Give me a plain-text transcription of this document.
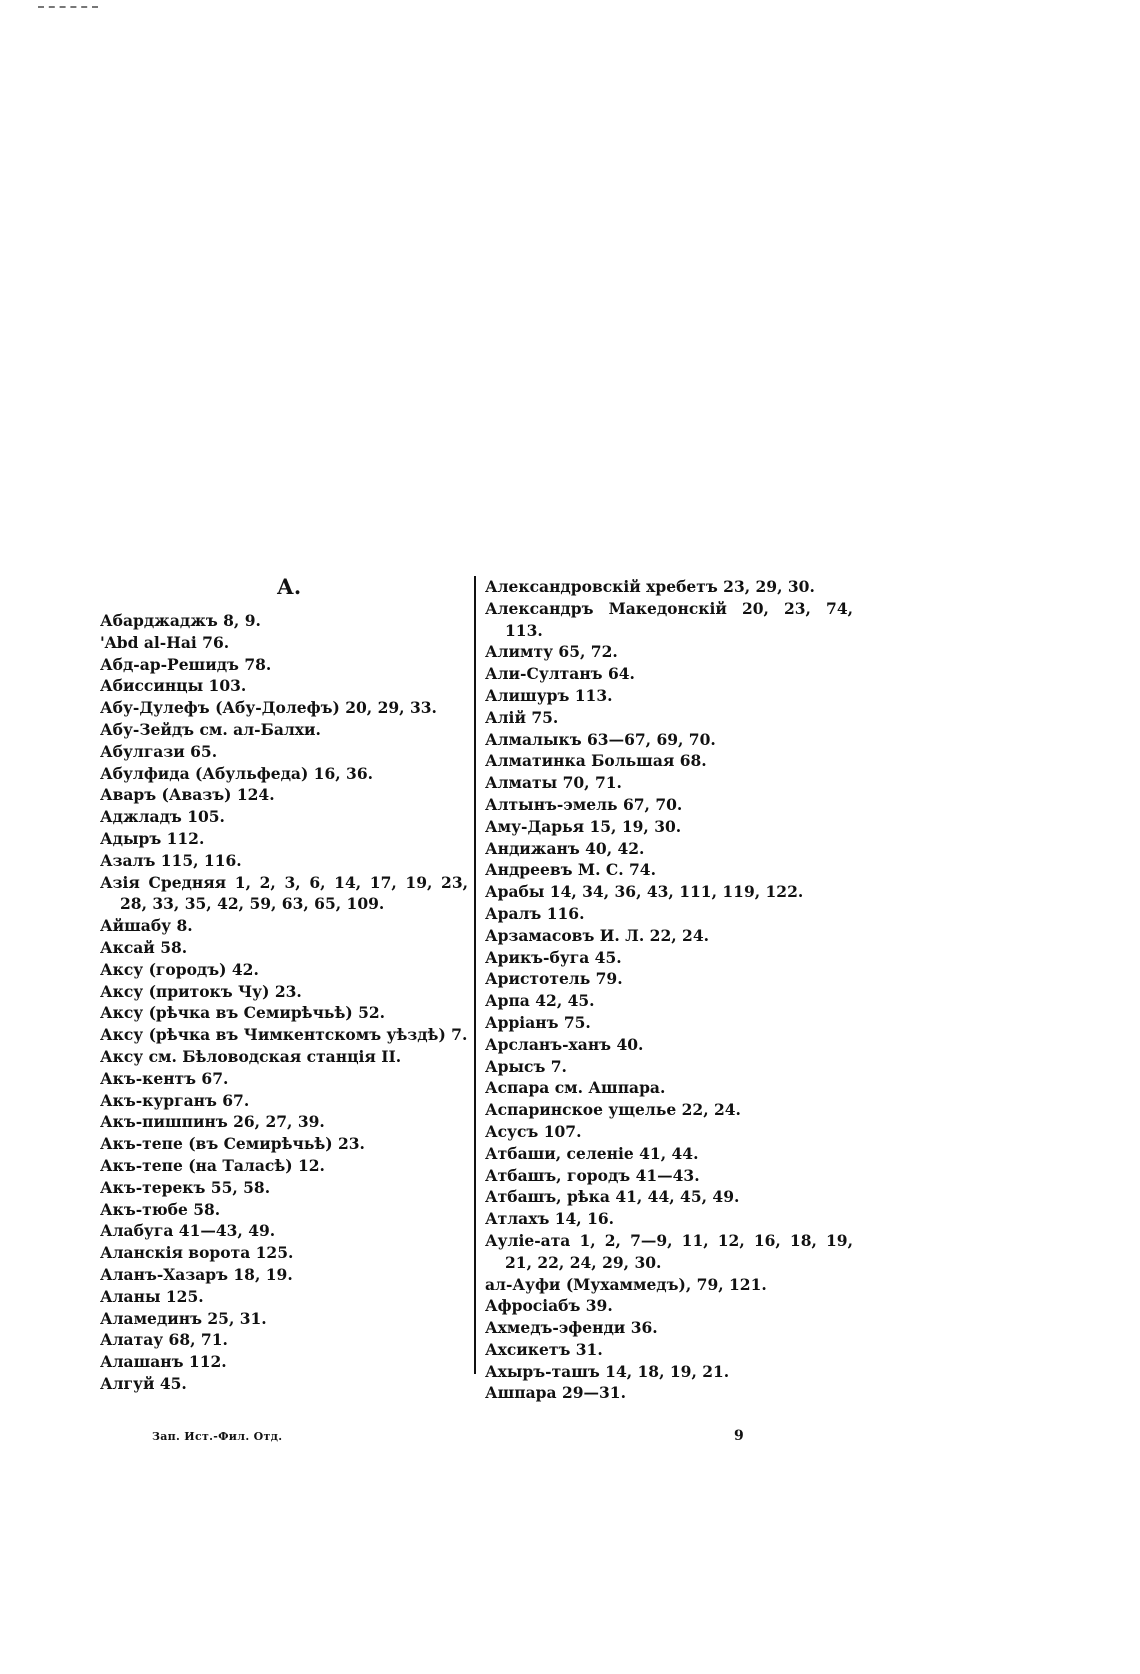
А.
Абарджаджъ 8, 9.
'Abd al-Hai 76.
Абд-ар-Решидъ 78.
Абиссинцы 103.
Абу-Дулефъ (Абу-Долефъ) 20, 29, 33.
Абу-Зейдъ см. ал-Балхи.
Абулгази 65.
Абулфида (Абульфеда) 16, 36.
Аваръ (Авазъ) 124.
Аджладъ 105.
Адыръ 112.
Азалъ 115, 116.
Азія Средняя 1, 2, 3, 6, 14, 17, 19, 23, 28, 33, 35, 42, 59, 63, 65, 109.
Айшабу 8.
Аксай 58.
Аксу (городъ) 42.
Аксу (притокъ Чу) 23.
Аксу (рѣчка въ Семирѣчьѣ) 52.
Аксу (рѣчка въ Чимкентскомъ уѣздѣ) 7.
Аксу см. Бѣловодская станція II.
Акъ-кентъ 67.
Акъ-курганъ 67.
Акъ-пишпинъ 26, 27, 39.
Акъ-тепе (въ Семирѣчьѣ) 23.
Акъ-тепе (на Таласѣ) 12.
Акъ-терекъ 55, 58.
Акъ-тюбе 58.
Алабуга 41—43, 49.
Аланскія ворота 125.
Аланъ-Хазаръ 18, 19.
Аланы 125.
Аламединъ 25, 31.
Алатау 68, 71.
Алашанъ 112.
Алгуй 45.
Александровскій хребетъ 23, 29, 30.
Александръ Македонскій 20, 23, 74, 113.
Алимту 65, 72.
Али-Султанъ 64.
Алишуръ 113.
Алій 75.
Алмалыкъ 63—67, 69, 70.
Алматинка Большая 68.
Алматы 70, 71.
Алтынъ-эмель 67, 70.
Аму-Дарья 15, 19, 30.
Андижанъ 40, 42.
Андреевъ М. С. 74.
Арабы 14, 34, 36, 43, 111, 119, 122.
Аралъ 116.
Арзамасовъ И. Л. 22, 24.
Арикъ-буга 45.
Аристотель 79.
Арпа 42, 45.
Арріанъ 75.
Арсланъ-ханъ 40.
Арысъ 7.
Аспара см. Ашпара.
Аспаринское ущелье 22, 24.
Асусъ 107.
Атбаши, селеніе 41, 44.
Атбашъ, городъ 41—43.
Атбашъ, рѣка 41, 44, 45, 49.
Атлахъ 14, 16.
Ауліе-ата 1, 2, 7—9, 11, 12, 16, 18, 19, 21, 22, 24, 29, 30.
ал-Ауфи (Мухаммедъ), 79, 121.
Афросіабъ 39.
Ахмедъ-эфенди 36.
Ахсикетъ 31.
Ахыръ-ташъ 14, 18, 19, 21.
Ашпара 29—31.
Зап. Ист.-Фил. Отд.	9
